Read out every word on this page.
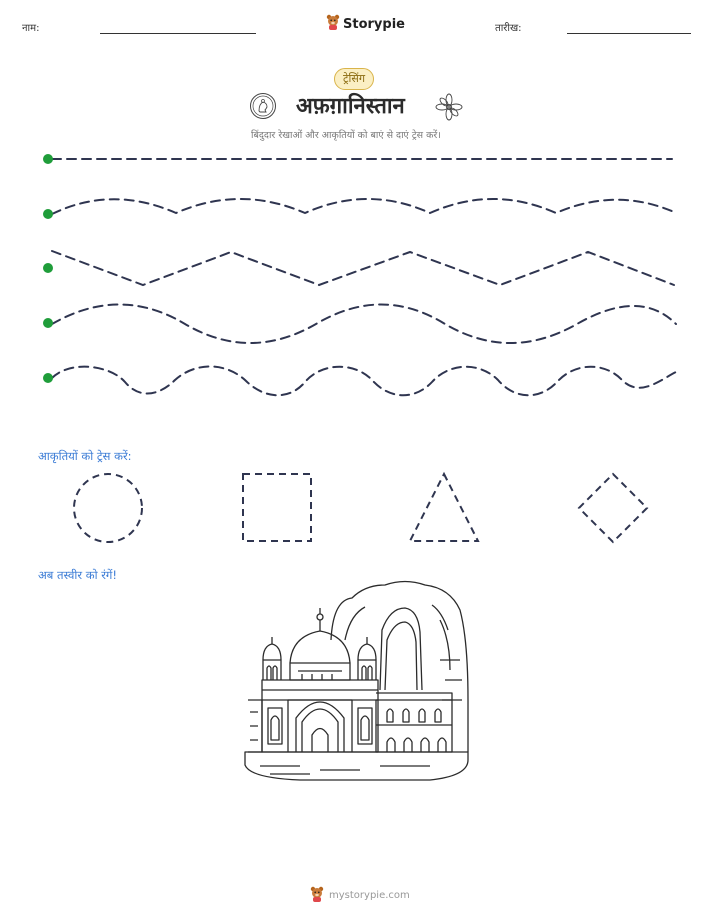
नाम:	Storypie	तारीख:
ट्रेसिंग
अफ़ग़ानिस्तान
बिंदुदार रेखाओं और आकृतियों को बाएं से दाएं ट्रेस करें।
आकृतियों को ट्रेस करें:
अब तस्वीर को रंगें!
mystorypie.com
